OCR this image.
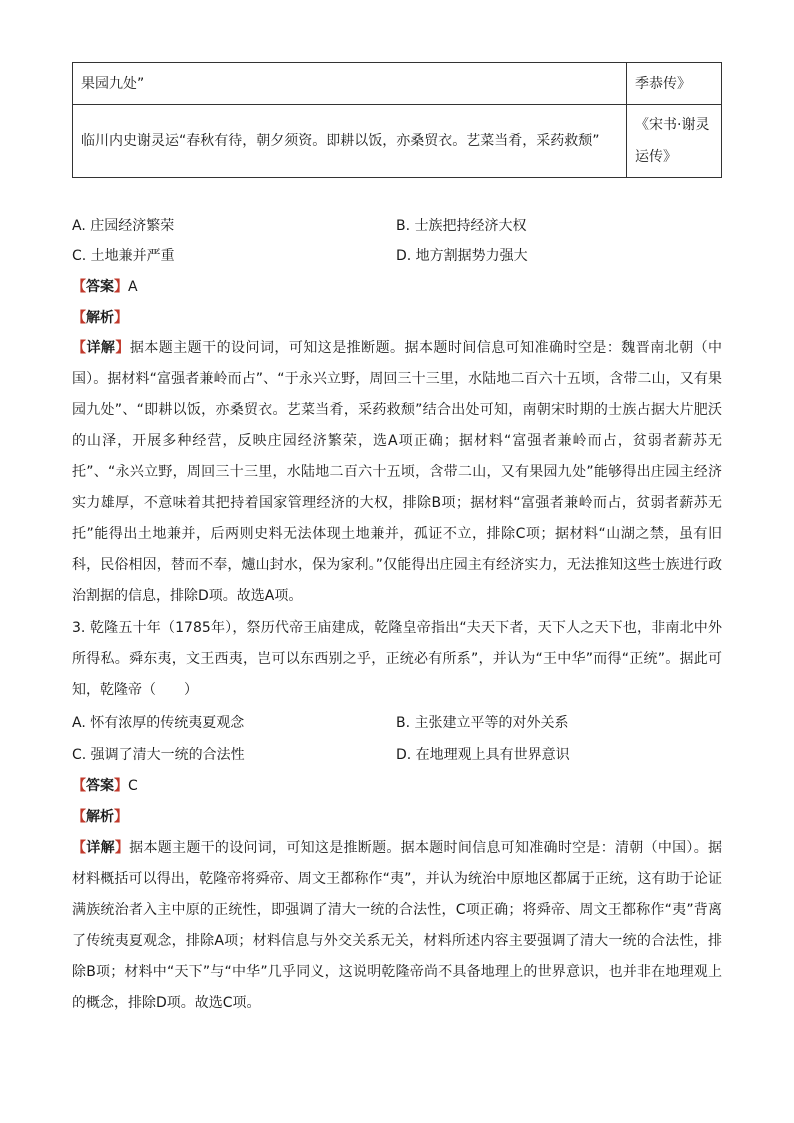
果园九处”	季恭传》
临川内史谢灵运“春秋有待，朝夕须资。即耕以饭，亦桑贸衣。艺菜当肴，采药救颓”	《宋书·谢灵运传》
A. 庄园经济繁荣	B. 士族把持经济大权
C. 土地兼并严重	D. 地方割据势力强大
【答案】A
【解析】
【详解】据本题主题干的设问词，可知这是推断题。据本题时间信息可知准确时空是：魏晋南北朝（中国）。据材料“富强者兼岭而占”、“于永兴立野，周回三十三里，水陆地二百六十五顷，含带二山，又有果园九处”、“即耕以饭，亦桑贸衣。艺菜当肴，采药救颓”结合出处可知，南朝宋时期的士族占据大片肥沃的山泽，开展多种经营，反映庄园经济繁荣，选A项正确；据材料“富强者兼岭而占，贫弱者薪苏无托”、“永兴立野，周回三十三里，水陆地二百六十五顷，含带二山，又有果园九处”能够得出庄园主经济实力雄厚，不意味着其把持着国家管理经济的大权，排除B项；据材料“富强者兼岭而占，贫弱者薪苏无托”能得出土地兼并，后两则史料无法体现土地兼并，孤证不立，排除C项；据材料“山湖之禁，虽有旧科，民俗相因，替而不奉，爈山封水，保为家利。”仅能得出庄园主有经济实力，无法推知这些士族进行政治割据的信息，排除D项。故选A项。
3. 乾隆五十年（1785年），祭历代帝王庙建成，乾隆皇帝指出“夫天下者，天下人之天下也，非南北中外所得私。舜东夷，文王西夷，岂可以东西别之乎，正统必有所系”，并认为“王中华”而得“正统”。据此可知，乾隆帝（　　）
A. 怀有浓厚的传统夷夏观念	B. 主张建立平等的对外关系
C. 强调了清大一统的合法性	D. 在地理观上具有世界意识
【答案】C
【解析】
【详解】据本题主题干的设问词，可知这是推断题。据本题时间信息可知准确时空是：清朝（中国）。据材料概括可以得出，乾隆帝将舜帝、周文王都称作“夷”，并认为统治中原地区都属于正统，这有助于论证满族统治者入主中原的正统性，即强调了清大一统的合法性，C项正确；将舜帝、周文王都称作“夷”背离了传统夷夏观念，排除A项；材料信息与外交关系无关，材料所述内容主要强调了清大一统的合法性，排除B项；材料中“天下”与“中华”几乎同义，这说明乾隆帝尚不具备地理上的世界意识，也并非在地理观上的概念，排除D项。故选C项。
